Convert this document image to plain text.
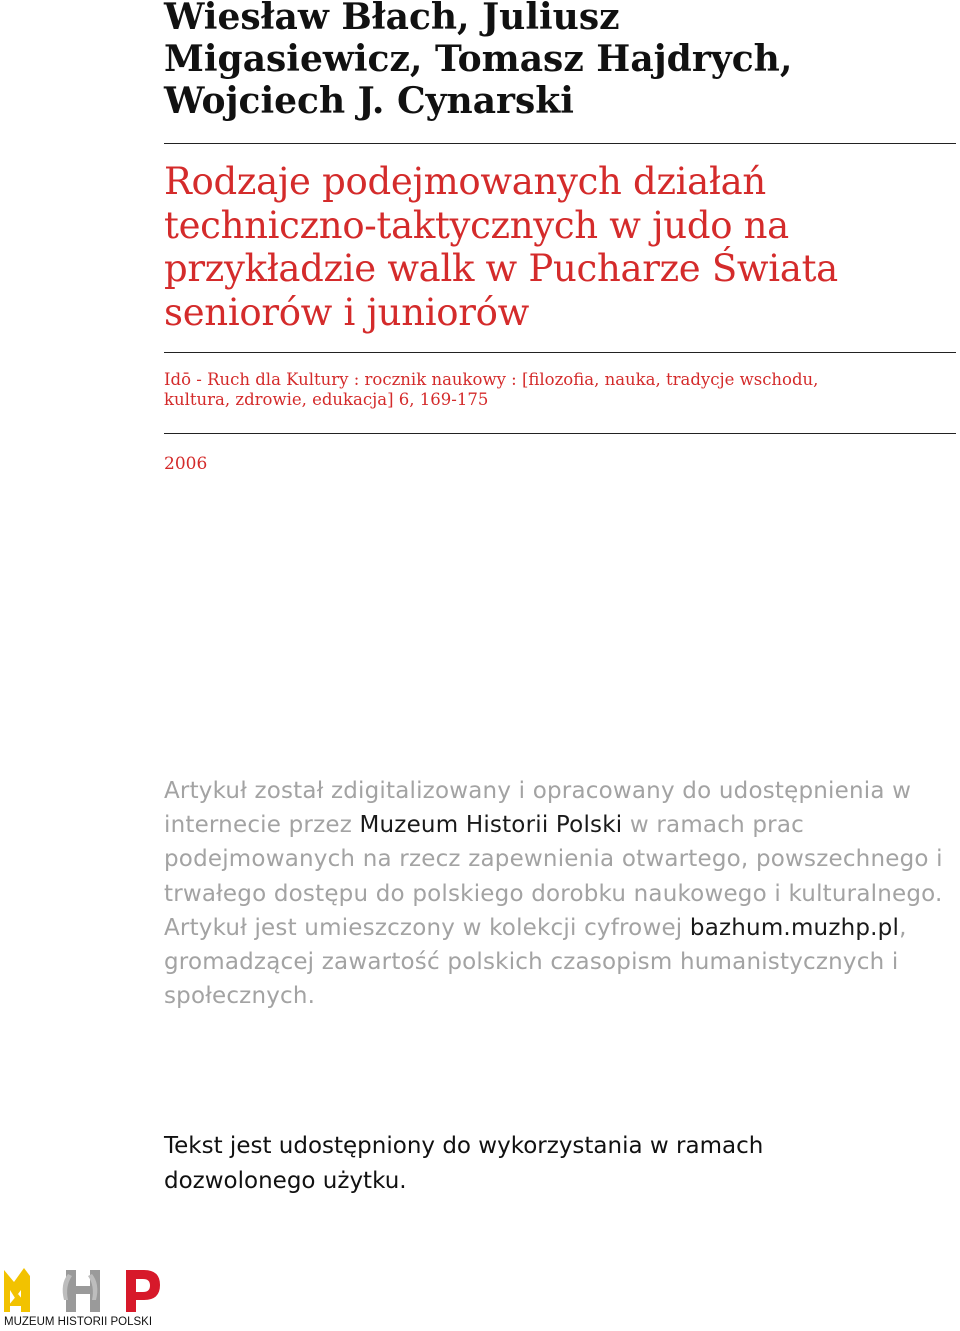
Wiesław Błach, Juliusz
Migasiewicz, Tomasz Hajdrych,
Wojciech J. Cynarski
Rodzaje podejmowanych działań
techniczno-taktycznych w judo na
przykładzie walk w Pucharze Świata
seniorów i juniorów
Idō - Ruch dla Kultury : rocznik naukowy : [filozofia, nauka, tradycje wschodu,
kultura, zdrowie, edukacja] 6, 169-175
2006

Artykuł został zdigitalizowany i opracowany do udostępnienia w internecie przez Muzeum Historii Polski w ramach prac podejmowanych na rzecz zapewnienia otwartego, powszechnego i trwałego dostępu do polskiego dorobku naukowego i kulturalnego. Artykuł jest umieszczony w kolekcji cyfrowej bazhum.muzhp.pl, gromadzącej zawartość polskich czasopism humanistycznych i społecznych.

Tekst jest udostępniony do wykorzystania w ramach dozwolonego użytku.

MUZEUM HISTORII POLSKI
